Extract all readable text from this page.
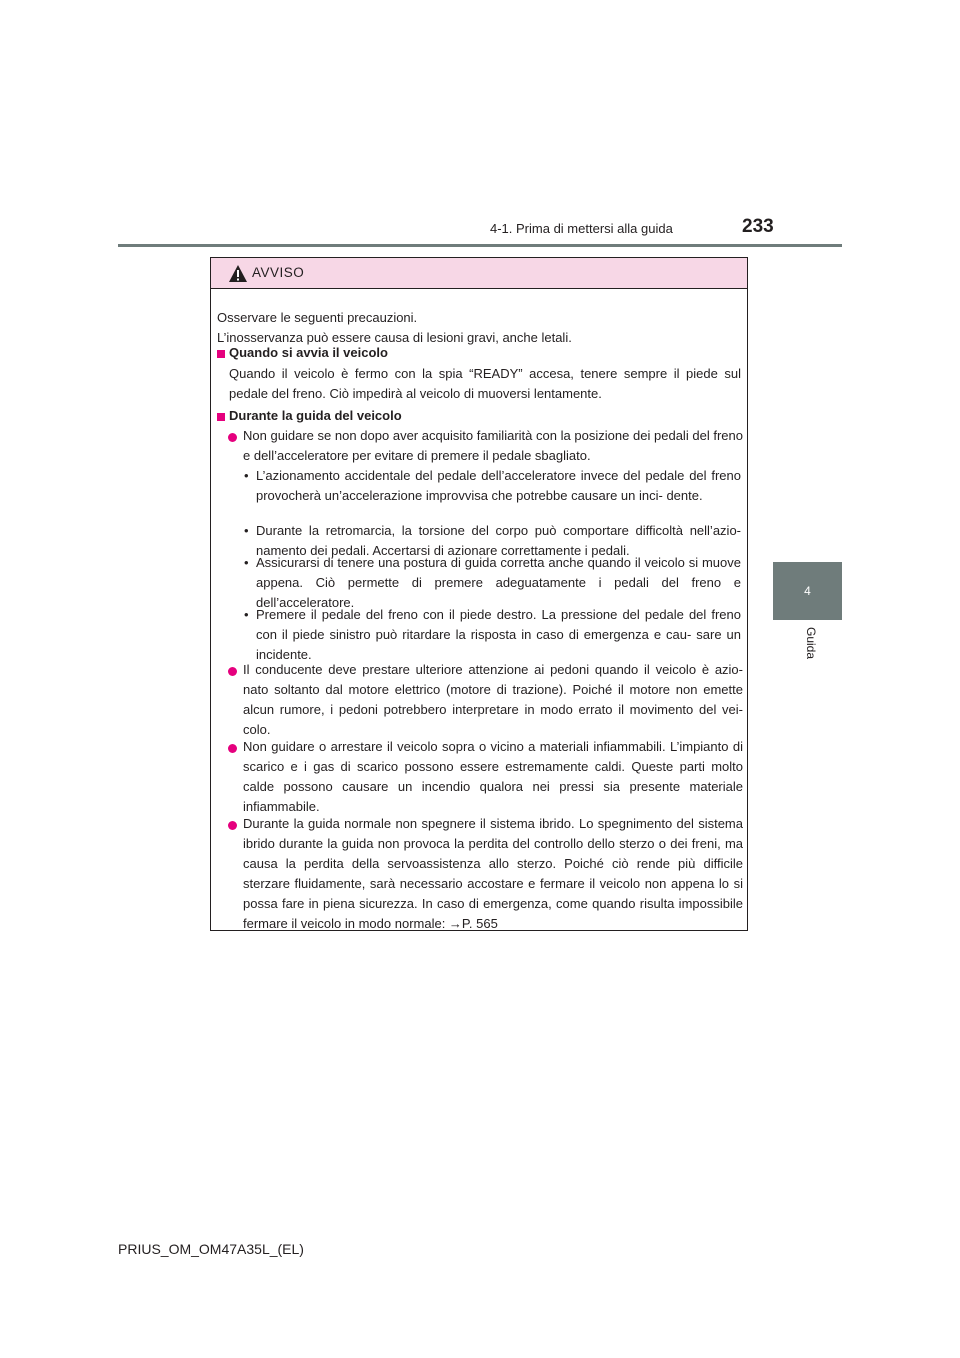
4-1. Prima di mettersi alla guida	233
4
Guida
AVVISO
Osservare le seguenti precauzioni.
L’inosservanza può essere causa di lesioni gravi, anche letali.
Quando si avvia il veicolo
Quando il veicolo è fermo con la spia “READY” accesa, tenere sempre il piede sul pedale del freno. Ciò impedirà al veicolo di muoversi lentamente.
Durante la guida del veicolo
Non guidare se non dopo aver acquisito familiarità con la posizione dei pedali del freno e dell’acceleratore per evitare di premere il pedale sbagliato.
• L’azionamento accidentale del pedale dell’acceleratore invece del pedale del freno provocherà un’accelerazione improvvisa che potrebbe causare un inci- dente.
• Durante la retromarcia, la torsione del corpo può comportare difficoltà nell’azio- namento dei pedali. Accertarsi di azionare correttamente i pedali.
• Assicurarsi di tenere una postura di guida corretta anche quando il veicolo si muove appena. Ciò permette di premere adeguatamente i pedali del freno e dell’acceleratore.
• Premere il pedale del freno con il piede destro. La pressione del pedale del freno con il piede sinistro può ritardare la risposta in caso di emergenza e cau- sare un incidente.
Il conducente deve prestare ulteriore attenzione ai pedoni quando il veicolo è azio- nato soltanto dal motore elettrico (motore di trazione). Poiché il motore non emette alcun rumore, i pedoni potrebbero interpretare in modo errato il movimento del vei- colo.
Non guidare o arrestare il veicolo sopra o vicino a materiali infiammabili. L’impianto di scarico e i gas di scarico possono essere estremamente caldi. Queste parti molto calde possono causare un incendio qualora nei pressi sia presente materiale infiammabile.
Durante la guida normale non spegnere il sistema ibrido. Lo spegnimento del sistema ibrido durante la guida non provoca la perdita del controllo dello sterzo o dei freni, ma causa la perdita della servoassistenza allo sterzo. Poiché ciò rende più difficile sterzare fluidamente, sarà necessario accostare e fermare il veicolo non appena lo si possa fare in piena sicurezza. In caso di emergenza, come quando risulta impossibile fermare il veicolo in modo normale: →P. 565
PRIUS_OM_OM47A35L_(EL)
